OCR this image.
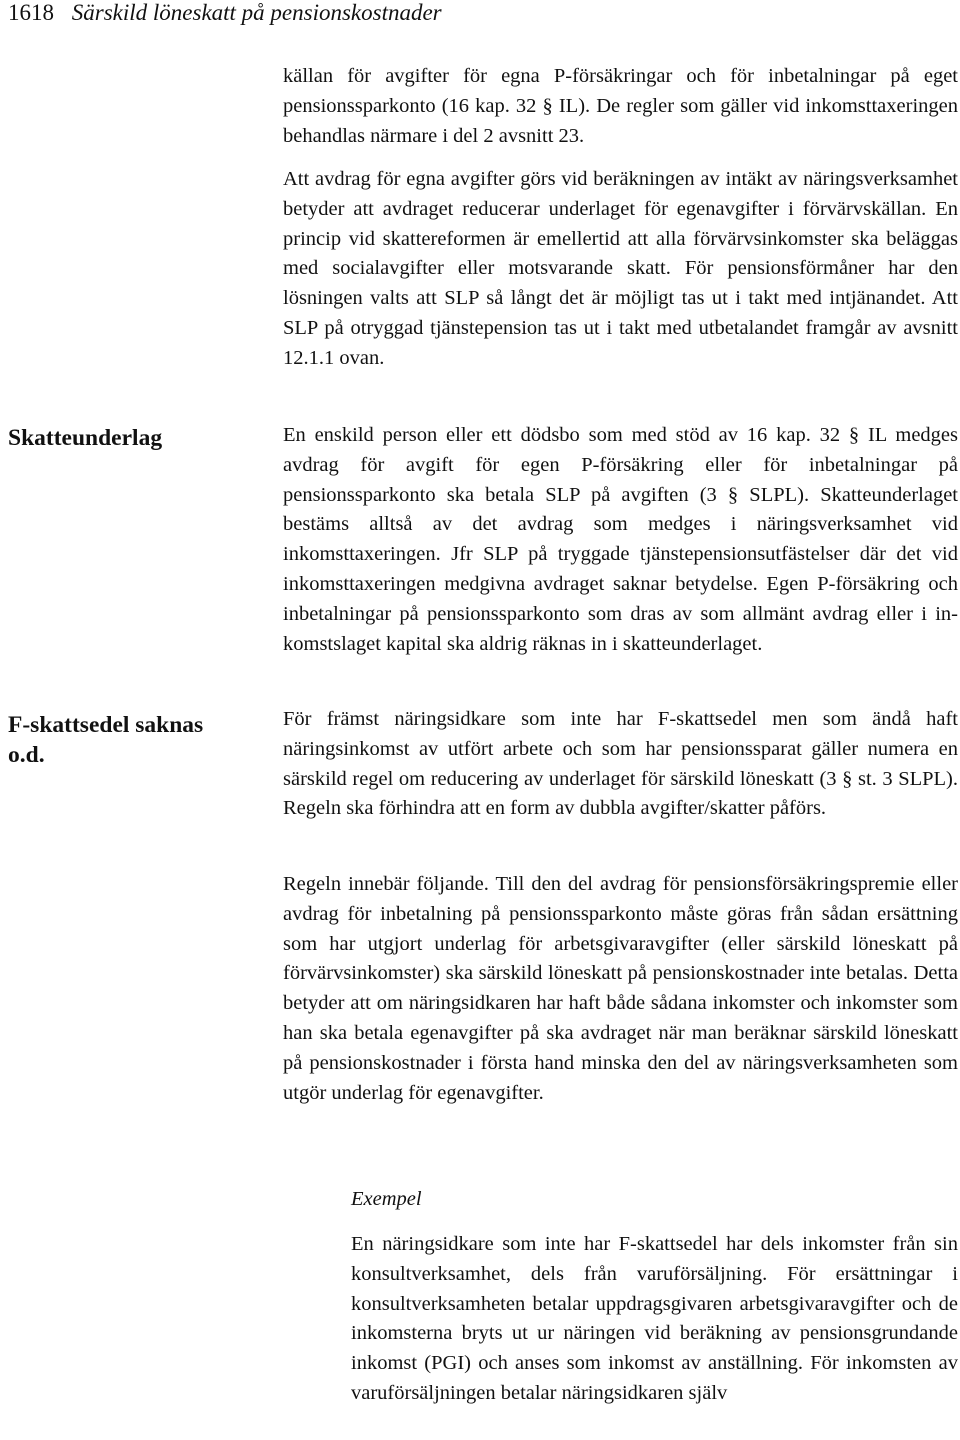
1618 Särskild löneskatt på pensionskostnader
källan för avgifter för egna P-försäkringar och för inbetalningar på eget pensionssparkonto (16 kap. 32 § IL). De regler som gäller vid inkomsttaxeringen behandlas närmare i del 2 avsnitt 23.
Att avdrag för egna avgifter görs vid beräkningen av intäkt av näringsverksamhet betyder att avdraget reducerar underlaget för egenavgifter i förvärvskällan. En princip vid skattereformen är emellertid att alla förvärvsinkomster ska beläggas med socialavgifter eller motsvarande skatt. För pensionsförmåner har den lösningen valts att SLP så långt det är möjligt tas ut i takt med intjänandet. Att SLP på otryggad tjänstepension tas ut i takt med utbetalandet framgår av avsnitt 12.1.1 ovan.
Skatteunderlag	En enskild person eller ett dödsbo som med stöd av 16 kap. 32 § IL medges avdrag för avgift för egen P-försäkring eller för inbetalningar på pensionssparkonto ska betala SLP på avgiften (3 § SLPL). Skatteunderlaget bestäms alltså av det avdrag som medges i näringsverksamhet vid inkomsttaxeringen. Jfr SLP på tryggade tjänstepensionsutfästelser där det vid inkomsttaxeringen medgivna avdraget saknar betydelse. Egen P-försäkring och inbetalningar på pensionssparkonto som dras av som allmänt avdrag eller i inkomstslaget kapital ska aldrig räknas in i skatteunderlaget.
F-skattsedel saknas o.d.
För främst näringsidkare som inte har F-skattsedel men som ändå haft näringsinkomst av utfört arbete och som har pensionssparat gäller numera en särskild regel om reducering av underlaget för särskild löneskatt (3 § st. 3 SLPL). Regeln ska förhindra att en form av dubbla avgifter/skatter påförs.
Regeln innebär följande. Till den del avdrag för pensionsförsäkringspremie eller avdrag för inbetalning på pensionssparkonto måste göras från sådan ersättning som har utgjort underlag för arbetsgivaravgifter (eller särskild löneskatt på förvärvsinkomster) ska särskild löneskatt på pensionskostnader inte betalas. Detta betyder att om näringsidkaren har haft både sådana inkomster och inkomster som han ska betala egenavgifter på ska avdraget när man beräknar särskild löneskatt på pensionskostnader i första hand minska den del av näringsverksamheten som utgör underlag för egenavgifter.
Exempel
En näringsidkare som inte har F-skattsedel har dels inkomster från sin konsultverksamhet, dels från varuförsäljning. För ersättningar i konsultverksamheten betalar uppdragsgivaren arbetsgivaravgifter och de inkomsterna bryts ut ur näringen vid beräkning av pensionsgrundande inkomst (PGI) och anses som inkomst av anställning. För inkomsten av varuförsäljningen betalar näringsidkaren själv
